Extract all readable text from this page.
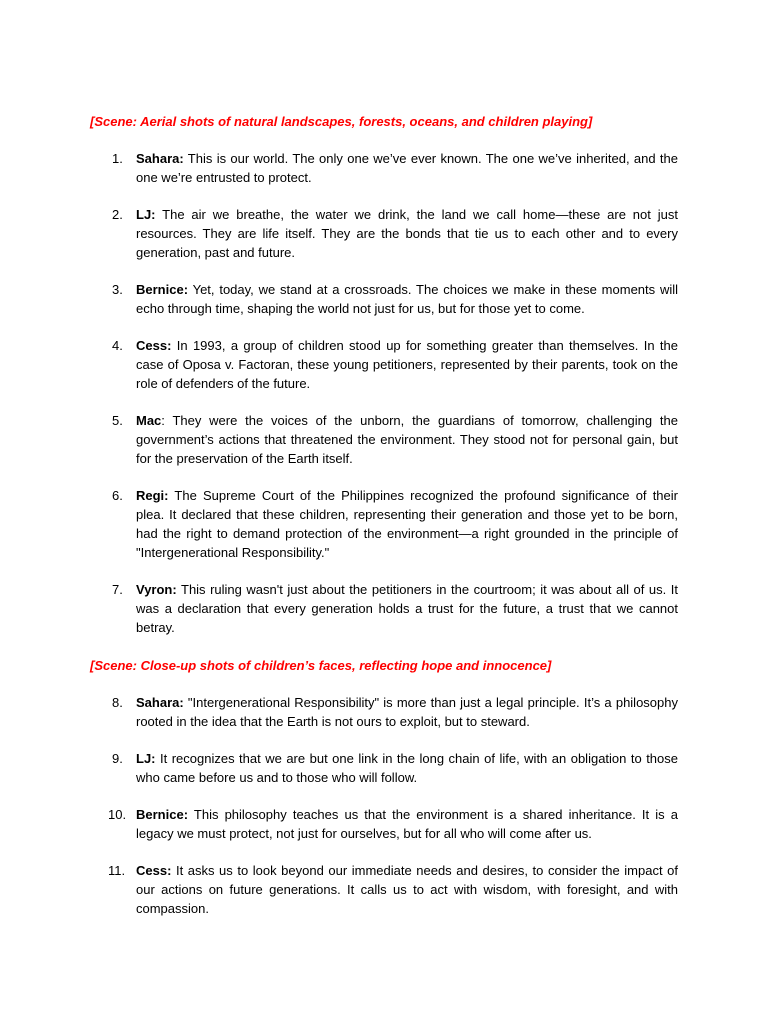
[Scene: Aerial shots of natural landscapes, forests, oceans, and children playing]

1. Sahara: This is our world. The only one we’ve ever known. The one we’ve inherited, and the one we’re entrusted to protect.
2. LJ: The air we breathe, the water we drink, the land we call home—these are not just resources. They are life itself. They are the bonds that tie us to each other and to every generation, past and future.
3. Bernice: Yet, today, we stand at a crossroads. The choices we make in these moments will echo through time, shaping the world not just for us, but for those yet to come.
4. Cess: In 1993, a group of children stood up for something greater than themselves. In the case of Oposa v. Factoran, these young petitioners, represented by their parents, took on the role of defenders of the future.
5. Mac: They were the voices of the unborn, the guardians of tomorrow, challenging the government’s actions that threatened the environment. They stood not for personal gain, but for the preservation of the Earth itself.
6. Regi: The Supreme Court of the Philippines recognized the profound significance of their plea. It declared that these children, representing their generation and those yet to be born, had the right to demand protection of the environment—a right grounded in the principle of "Intergenerational Responsibility."
7. Vyron: This ruling wasn't just about the petitioners in the courtroom; it was about all of us. It was a declaration that every generation holds a trust for the future, a trust that we cannot betray.

[Scene: Close-up shots of children’s faces, reflecting hope and innocence]

8. Sahara: "Intergenerational Responsibility" is more than just a legal principle. It’s a philosophy rooted in the idea that the Earth is not ours to exploit, but to steward.
9. LJ: It recognizes that we are but one link in the long chain of life, with an obligation to those who came before us and to those who will follow.
10. Bernice: This philosophy teaches us that the environment is a shared inheritance. It is a legacy we must protect, not just for ourselves, but for all who will come after us.
11. Cess: It asks us to look beyond our immediate needs and desires, to consider the impact of our actions on future generations. It calls us to act with wisdom, with foresight, and with compassion.
